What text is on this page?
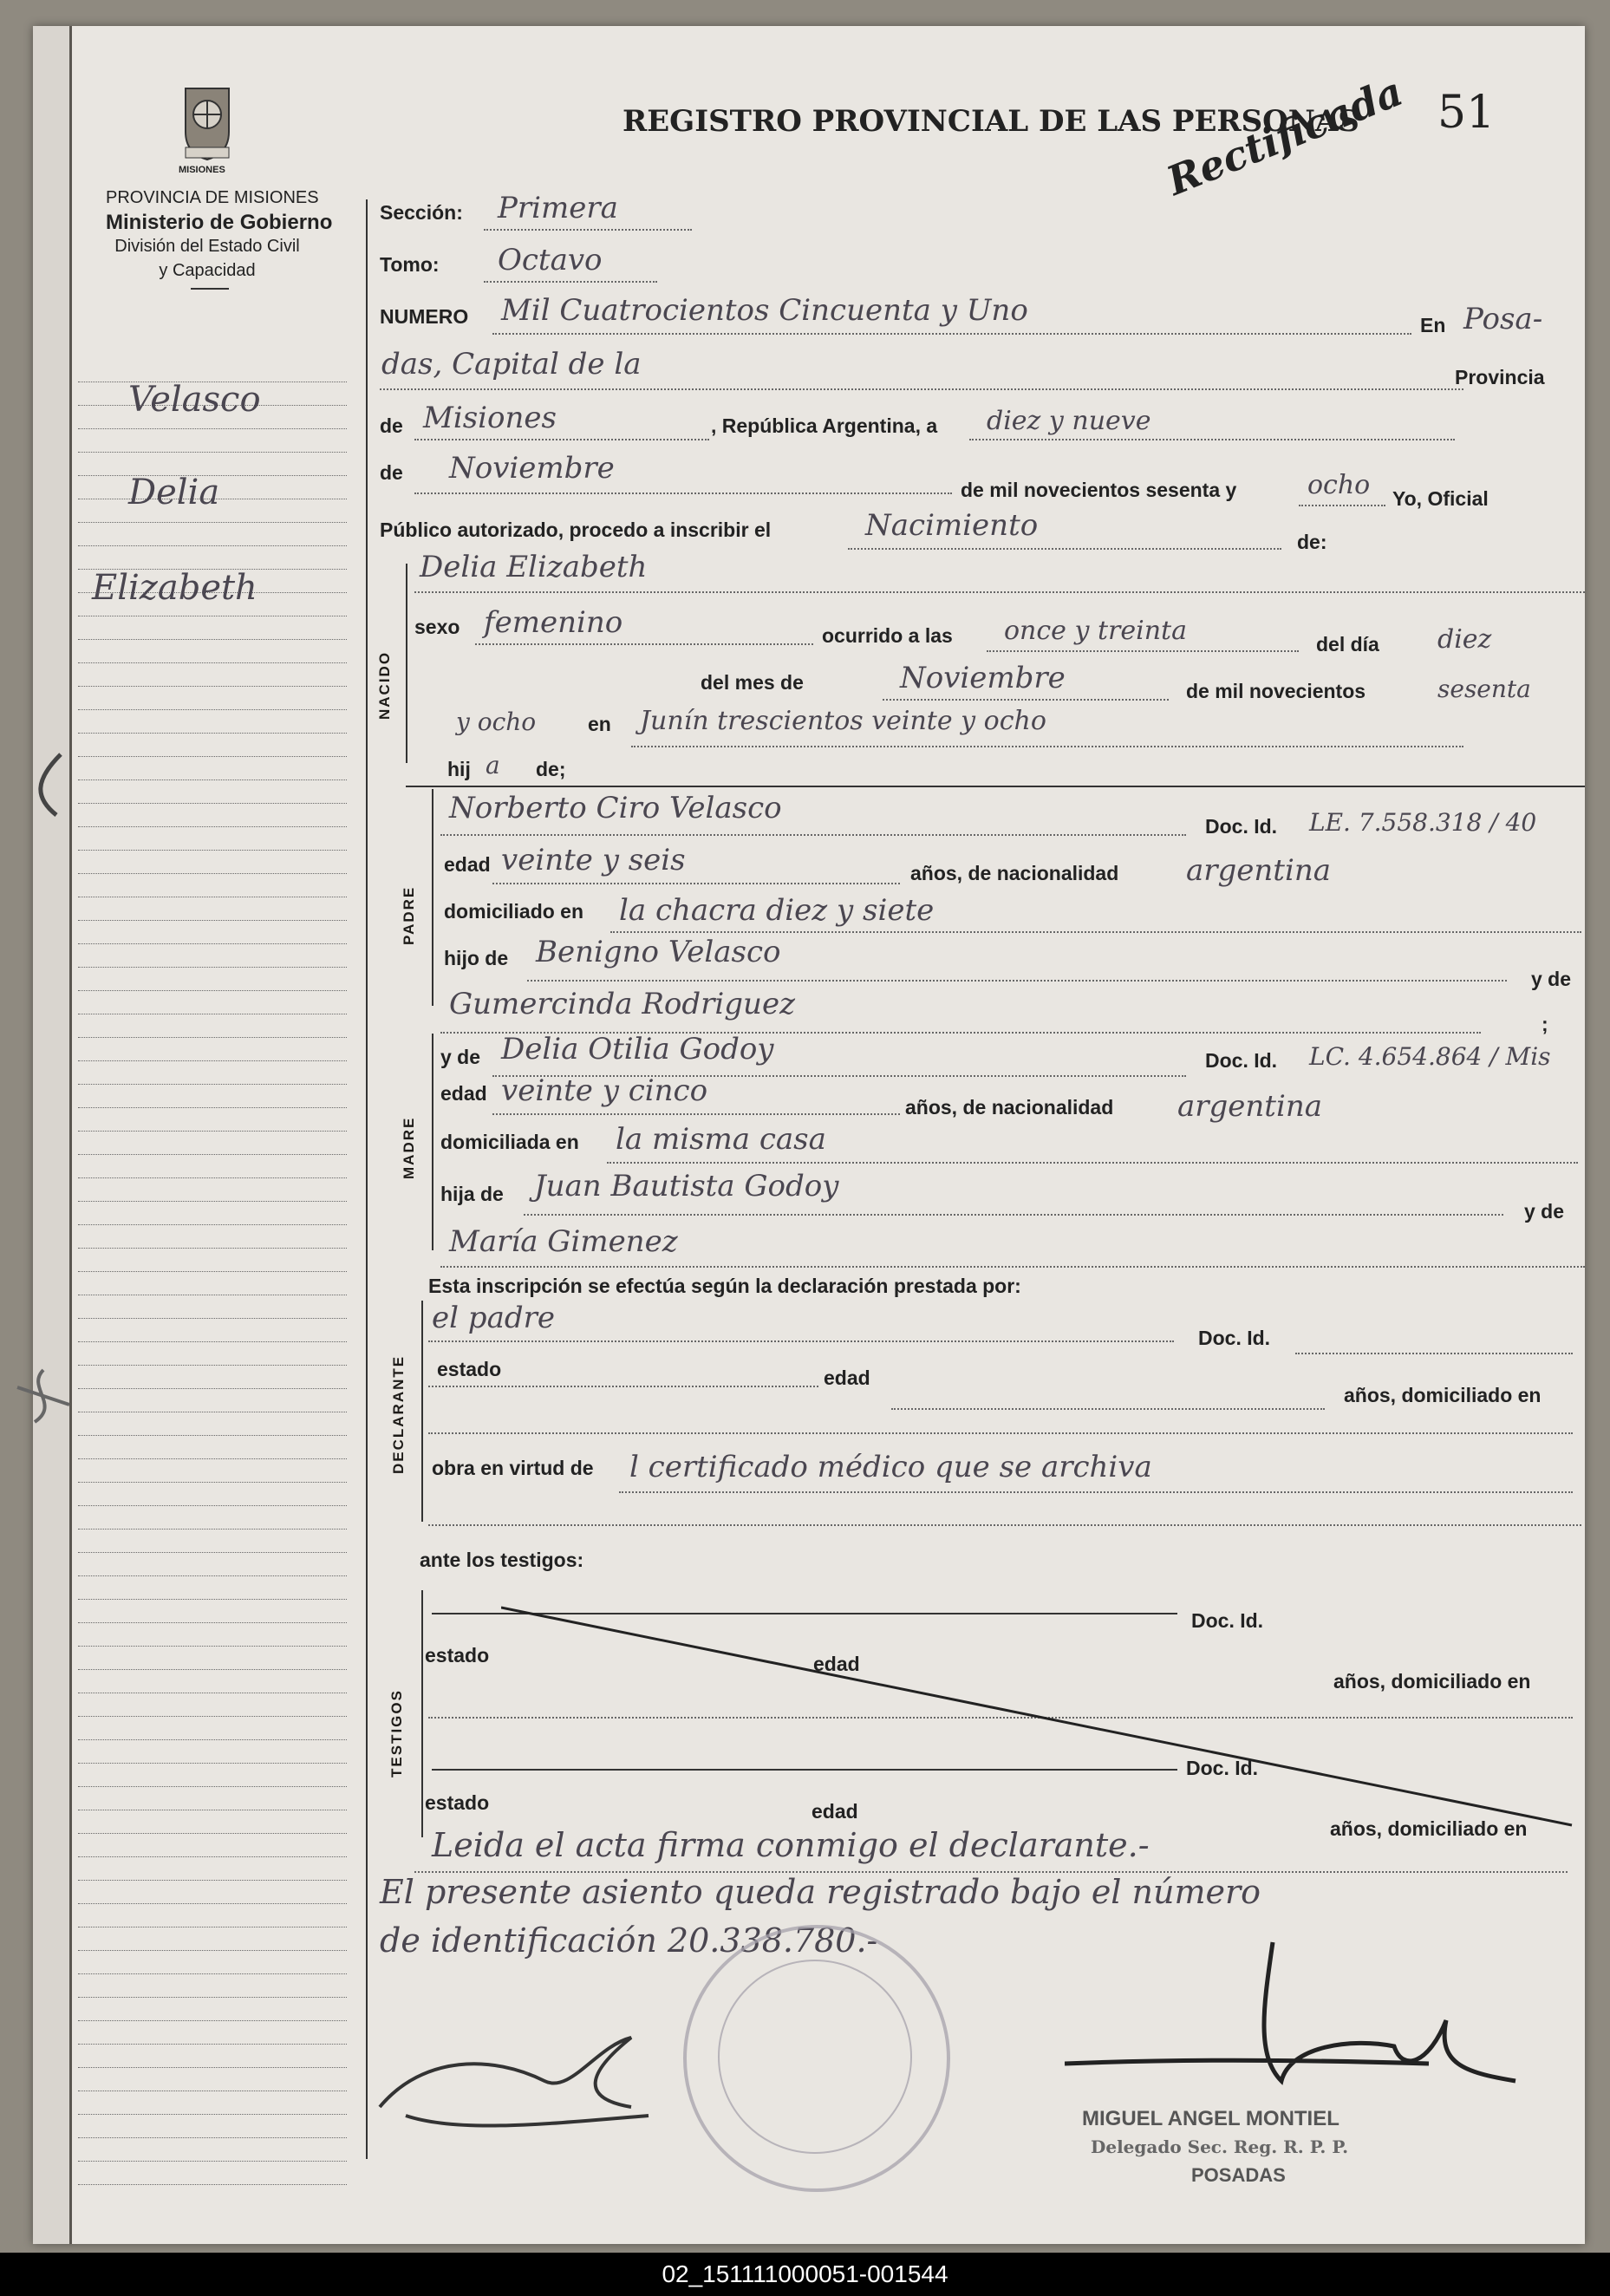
MISIONES
PROVINCIA DE MISIONES
Ministerio de Gobierno
División del Estado Civil
y Capacidad
REGISTRO PROVINCIAL DE LAS PERSONAS 51
Rectificada
Velasco
Delia
Elizabeth
Sección: Primera
Tomo: Octavo
NUMERO Mil Cuatrocientos Cincuenta y Uno	En Posa-
das, Capital de la	Provincia
de Misiones	, República Argentina, a diez y nueve
de Noviembre
de mil novecientos sesenta y	ocho Yo, Oficial
Público autorizado, procedo a inscribir el	Nacimiento	de:
NACIDO
Delia Elizabeth
sexo femenino	ocurrido a las once y treinta	del día diez
del mes de	Noviembre	de mil novecientos	sesenta
y ocho	en Junín trescientos veinte y ocho
hij a de;
PADRE
Norberto Ciro Velasco
Doc. Id. LE. 7.558.318 / 40
edad veinte y seis	años, de nacionalidad argentina
domiciliado en la chacra diez y siete
hijo de Benigno Velasco
Gumercinda Rodriguez
y de
;
MADRE
y de Delia Otilia Godoy	Doc. Id. LC. 4.654.864 / Mis
edad veinte y cinco	años, de nacionalidad argentina
domiciliada en la misma casa
hija de Juan Bautista Godoy
y de
María Gimenez
Esta inscripción se efectúa según la declaración prestada por:
DECLARANTE
el padre
Doc. Id.
estado	edad
años, domiciliado en
obra en virtud de l certificado médico que se archiva
ante los testigos:
TESTIGOS
Doc. Id.
estado	edad
años, domiciliado en
Doc. Id.
estado	edad
años, domiciliado en
Leida el acta firma conmigo el declarante.-
El presente asiento queda registrado bajo el número
de identificación 20.338.780.-
MIGUEL ANGEL MONTIEL
Delegado Sec. Reg. R. P. P.
POSADAS
02_151111000051-001544
